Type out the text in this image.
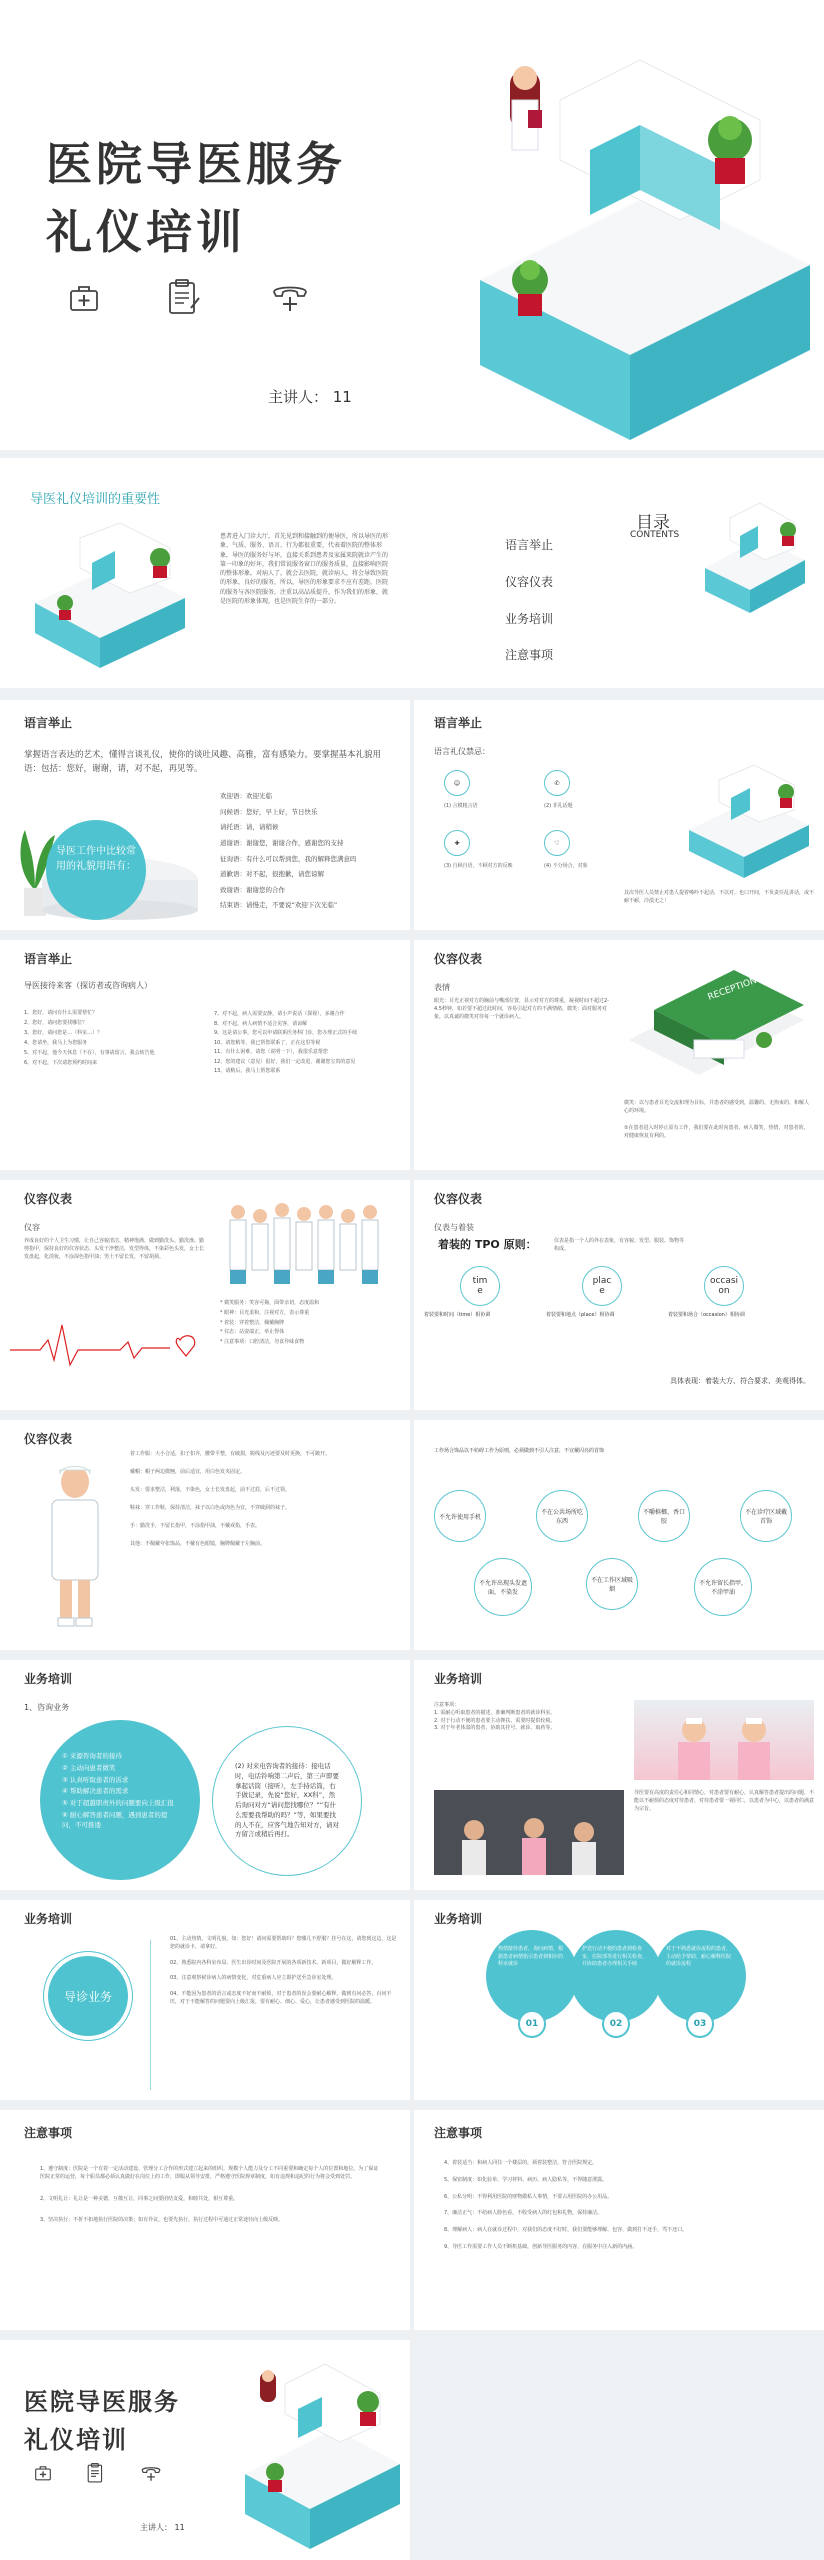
医院导医服务
礼仪培训
主讲人： 11
导医礼仪培训的重要性
患者进入门诊大厅，首先见到和接触到的便导医，所以导医的形象、气质、服务、语言、行为都很重要，代表着医院的整体形象，导医的服务好与坏，直接关系到患者及家属来院就诊产生的第一印象的好坏，我们常说服务窗口的服务质量，直接影响医院的整体形象。对病人了，就会去医院，就诊病人，将会导致医院的形象，良好的服务，所以，导医的形象要求不应有差距，医院的服务与各医院服务，注重以高品质提升，作为我们的形象，就是医院的形象体现，也是医院生存的一部分。

语言举止

仪容仪表

业务培训

注意事项

目录
CONTENTS
语言举止
掌握语言表达的艺术，懂得言谈礼仪，使你的谈吐风趣、高雅，富有感染力。要掌握基本礼貌用语：包括：您好，谢谢，请，对不起，再见等。
导医工作中比较常用的礼貌用语有：

欢迎语：欢迎光临

问候语：您好，早上好，节日快乐

请托语：请，请稍候

道谢语：谢谢您，谢谢合作，感谢您的支持

征询语：有什么可以帮到您，我的解释您满意吗

道歉语：对不起，很抱歉，请您谅解

致谢语：谢谢您的合作

结束语：请慢走，不要说“欢迎下次光临”

语言举止
语言礼仪禁忌：
☺	✆
✚	♡
(1) 言模粗言语	(2) 非礼话题
(3) 自顾自语，不顾对方的反映	(4) 不分场合，对象
其次导医人员禁止对患人提着嗓吟不起话，不以对，也口开间，不负责任乱讲话，或不耐不耐，冷漠无之！
语言举止
导医接待来客（探访者或咨询病人）

1、您好，请问有什么需要帮忙？

2、您好，请问您要找哪位？

3、您好，请问您是…（科室…）？

4、您请坐，我马上为您服务

5、对不起，他今天休息（不在），有事请留言，我会转告他

6、对不起，下次请您预约时间来

7、对不起，病人需要安静，请小声说话（探视），多谢合作

8、对不起，病人病情不适合见客，请谅解

9、这是请公事，您可以申请联系医务科门诊，您办理正式的手续

10、请您稍等，我已帮您联系了，正在这里等候

11、有什么困难，请您（说明一下），我很乐意帮您

12、您的建议（意见）很好，我们一定改进，谢谢您宝贵的意见

13、请稍后，我马上帮您联系

仪容仪表
表情
眼光：目光正视对方的胸前与嘴部位置，显示对对方的尊重，凝视时间不超过2-4.5秒钟，如若要不超过此时间，容易引起对方的不满情绪，微笑：面对服务对象，以真诚的微笑对待每一个就诊病人。
RECEPTION
微笑：以与患者目光交流和理为目标，并患者的感受到，温馨的、无拘束的、和解人心的环境。
②在患者进入时停止原有工作，我们要在此时向患者、病人微笑，热情，对患者的、对健康恢复有利的。
仪容仪表
仪容
养成良好的个人卫生习惯，让自己容貌清洁、精神饱满，做到勤洗头、勤洗澡、勤剪指甲，保持良好的仪容状态，头发干净整洁，发型得体，不染彩色头发，女士长发盘起，化淡妆，不涂深色指甲油；男士不留长发，不留胡须。

* 微笑服务：笑容可掬，面带亲切，态度温和

* 眼神：目光柔和，注视对方，表示尊重

* 着装：穿着整洁，佩戴胸牌

* 仪态：站姿端正，举止得体

* 注意事项：口腔清洁，勿食异味食物

仪容仪表
仪表与着装
着装的 TPO 原则：	仪表是指一个人的外在表象，有容貌、发型、服装、饰物等构成。
time
place
occasion
着装要和时间（time）相协调	着装要和地点（place）相协调	着装要和场合（occasion）相协调
具体表现：着装大方、符合要求、美观得体。
仪容仪表

着工作服：大小合适，扣子扣齐，腰带平整，有破损，脱线及污迹要及时更换，不可敞开。

戴帽：帽子两边微翘，前后适宜，用白色发夹固定。

头发：要求整洁，利落，不染色，女士长发盘起，前不过眉，后不过领。

鞋袜：穿工作鞋，保持清洁，袜子以白色或肉色为宜，不穿破洞的袜子。

手：勤洗手，不留长指甲，不涂指甲油，不戴戒指，手表。

其他：不佩戴夸张饰品，不戴有色眼镜，胸牌佩戴于左胸前。

工作场合饰品以不妨碍工作为原则，必须做到不引人注意，不宜戴闪亮的首饰
不允许使用手机
不在公共场所吃东西
不嚼槟榔、香口胶
不在诊疗区域戴首饰
不允许出现头发遮面，不染发
不在工作区域吸烟
不允许留长指甲，不涂甲油
业务培训
1、咨询业务

① 来源咨询者的接待

② 主动向患者微笑

③ 认真听取患者的诉求

④ 帮助解决患者的需求

⑤ 对于超越职责外的问题要向上级汇报

⑥ 耐心解答患者问题，遇到患者的提问，不可推诿

(2) 对来电咨询者的接待：接电话时，电话铃响第二声后，第三声即要拿起话筒（接听），左手持话筒，右手做记录，先说“您好，XX科”，然后询问对方“请问您找哪位？”“有什么需要我帮助的吗？”等，如果要找的人不在，应客气地告知对方，请对方留言或稍后再打。
业务培训
注意事项：
1. 需耐心听取患者的描述，准确判断患者的就诊科室。
2. 对于行动不便的患者要主动搀扶，需要时提供轮椅。
3. 对于年老体弱的患者，协助其挂号、就诊、取药等。
导医要有高度的责任心和同情心，对患者要有耐心，认真解答患者提出的问题，不能以不耐烦的态度对待患者，对待患者要一视同仁，以患者为中心，以患者的满意为宗旨。
业务培训
导诊业务

01、主动热情。文明礼貌，如：您好！请问需要帮助吗？您哪儿不舒服？挂号在这，请您到这边，这是您的就诊卡，请拿好。

02、熟悉院内各科室布局、医生出诊时间及医院开展的各项新技术、新项目，做好解释工作。

03、注意观察候诊病人的病情变化，对危重病人应立即护送至急诊室处理。

04、不能因为患者的语言或态度不好而不耐烦，对于患者的误会要耐心解释，做到有问必答，百问不厌，对于不能解答的问题要向上级汇报，要有耐心、细心、爱心，让患者感受到医院的温暖。

业务培训
热情接待患者，询问病情，根据患者病情指引患者到相应的科室就诊
护送行动不便的患者到检查室，住院部等进行相关检查，并协助患者办理相关手续
对于不熟悉就诊流程的患者，主动给予帮助，耐心解释医院的就诊流程
01	02	03
注意事项

1、遵守制度：医院是一个有着一定活动建设、管理分工合作的形式建立起来的组织，规模个人能力及分工不同重要和确定每个人的位置和地位。为了保证医院正常的运营，每个职员都必须认真做好在岗位上的工作，即服从领导安排，严格遵守医院规章制度，如有违规和违纪的行为将会受到处罚。

2、文明礼让：礼让是一种美德，互敬互让，同事之间要团结友爱，和睦共处，相互尊重。

3、坚决执行：不折不扣地执行医院的决策；如有异议，也要先执行，执行过程中可通过正常途径向上级反映。

注意事项

4、着装适当：和病人同住一个楼层的，须着装整洁，符合医院规定。

5、保密制度：如化验单、学习材料、病历、病人隐私等，不得随意泄露。

6、公私分明：不得利用医院的财物做私人事情，不要占用医院的办公用品。

7、廉洁正气：不给病人脸色看，不收受病人的红包和礼物，保持廉洁。

8、理解病人：病人在就诊过程中，对我们的态度不好时，我们要能够理解、包容，做到打不还手，骂不还口。

9、导医工作需要工作人员不断机基础，创新导医服务的内容，在服务中注入新的内涵。

医院导医服务
礼仪培训
主讲人： 11
